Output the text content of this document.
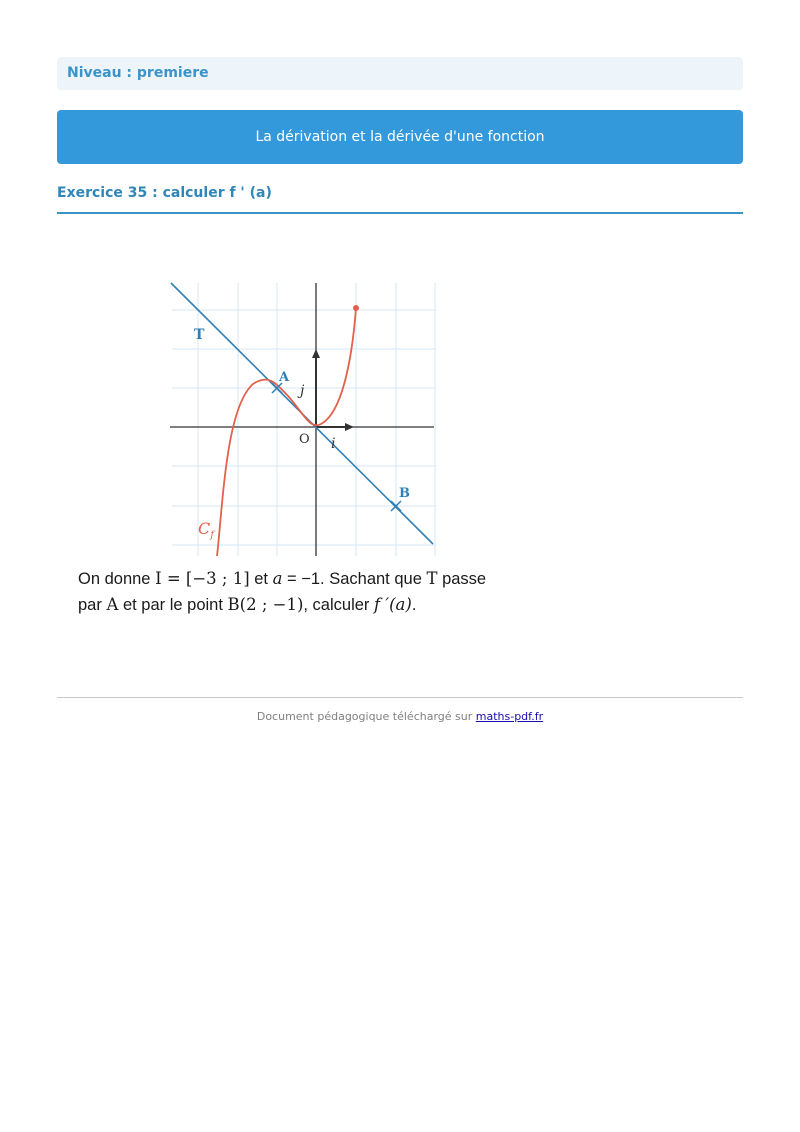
Niveau : premiere
La dérivation et la dérivée d'une fonction
Exercice 35 : calculer f ' (a)
T
A
B
O i
j
$C_f$
On donne I = [−3 ; 1] et a = −1. Sachant que T passe
par A et par le point B(2 ; −1), calculer f ′(a).
Document pédagogique téléchargé sur maths-pdf.fr
